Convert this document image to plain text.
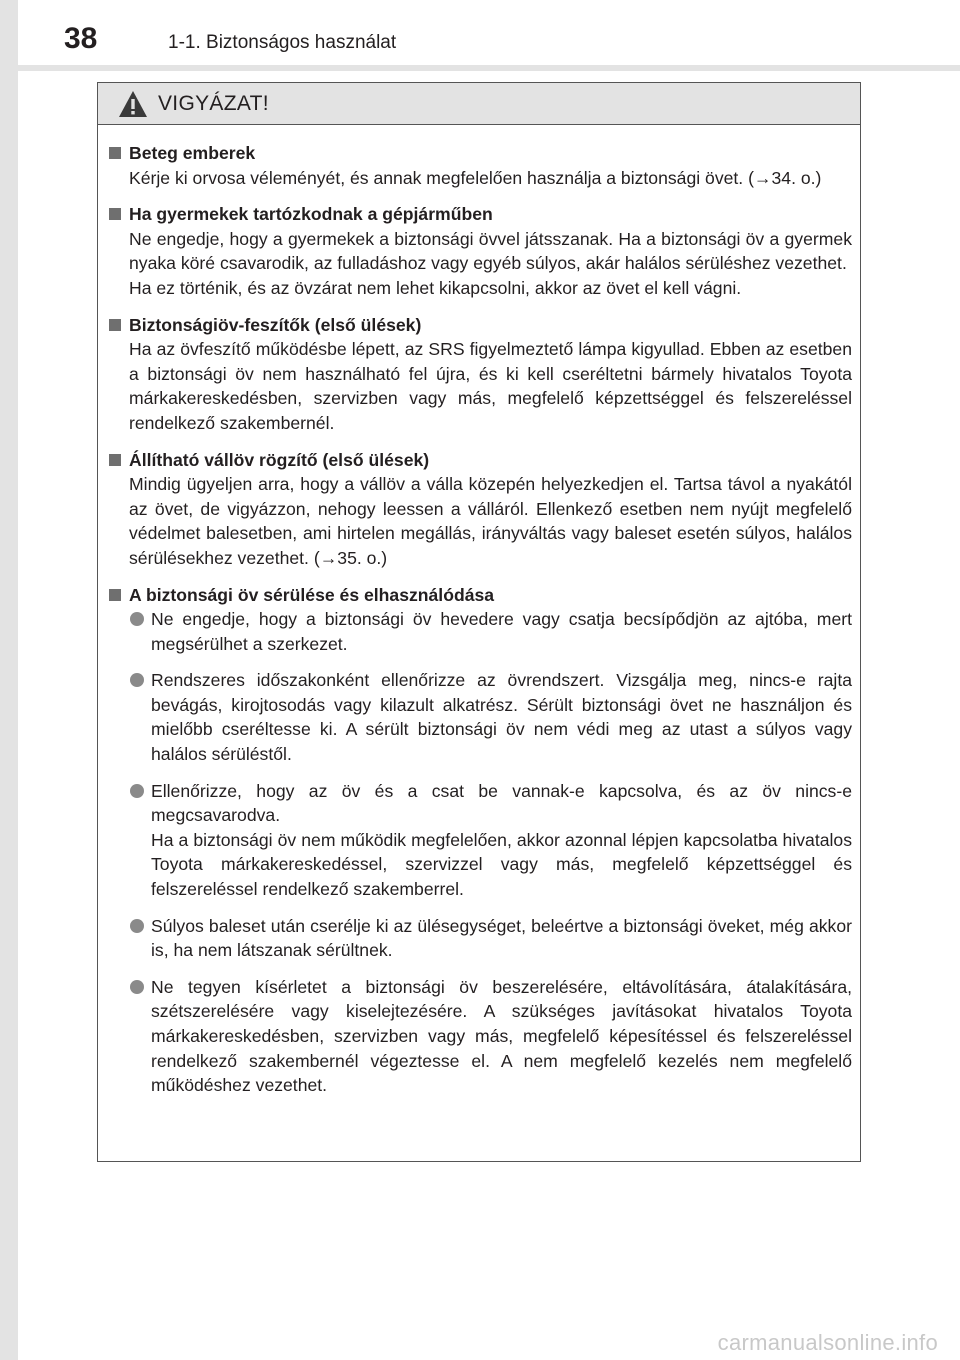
38	1-1. Biztonságos használat
VIGYÁZAT!
Beteg emberek
Kérje ki orvosa véleményét, és annak megfelelően használja a biztonsági övet. (→34. o.)
Ha gyermekek tartózkodnak a gépjárműben
Ne engedje, hogy a gyermekek a biztonsági övvel játsszanak. Ha a biztonsági öv a gyermek nyaka köré csavarodik, az fulladáshoz vagy egyéb súlyos, akár halálos sérüléshez vezethet.
Ha ez történik, és az övzárat nem lehet kikapcsolni, akkor az övet el kell vágni.
Biztonságiöv-feszítők (első ülések)
Ha az övfeszítő működésbe lépett, az SRS figyelmeztető lámpa kigyullad. Ebben az esetben a biztonsági öv nem használható fel újra, és ki kell cseréltetni bármely hivatalos Toyota márkakereskedésben, szervizben vagy más, megfelelő képzettséggel és felszereléssel rendelkező szakembernél.
Állítható vállöv rögzítő (első ülések)
Mindig ügyeljen arra, hogy a vállöv a válla közepén helyezkedjen el. Tartsa távol a nyakától az övet, de vigyázzon, nehogy leessen a válláról. Ellenkező esetben nem nyújt megfelelő védelmet balesetben, ami hirtelen megállás, irányváltás vagy baleset esetén súlyos, halálos sérülésekhez vezethet. (→35. o.)
A biztonsági öv sérülése és elhasználódása
Ne engedje, hogy a biztonsági öv hevedere vagy csatja becsípődjön az ajtóba, mert megsérülhet a szerkezet.
Rendszeres időszakonként ellenőrizze az övrendszert. Vizsgálja meg, nincs-e rajta bevágás, kirojtosodás vagy kilazult alkatrész. Sérült biztonsági övet ne használjon és mielőbb cseréltesse ki. A sérült biztonsági öv nem védi meg az utast a súlyos vagy halálos sérüléstől.
Ellenőrizze, hogy az öv és a csat be vannak-e kapcsolva, és az öv nincs-e megcsavarodva.
Ha a biztonsági öv nem működik megfelelően, akkor azonnal lépjen kapcsolatba hivatalos Toyota márkakereskedéssel, szervizzel vagy más, megfelelő képzettséggel és felszereléssel rendelkező szakemberrel.
Súlyos baleset után cserélje ki az ülésegységet, beleértve a biztonsági öveket, még akkor is, ha nem látszanak sérültnek.
Ne tegyen kísérletet a biztonsági öv beszerelésére, eltávolítására, átalakítására, szétszerelésére vagy kiselejtezésére. A szükséges javításokat hivatalos Toyota márkakereskedésben, szervizben vagy más, megfelelő képesítéssel és felszereléssel rendelkező szakembernél végeztesse el. A nem megfelelő kezelés nem megfelelő működéshez vezethet.
carmanualsonline.info
